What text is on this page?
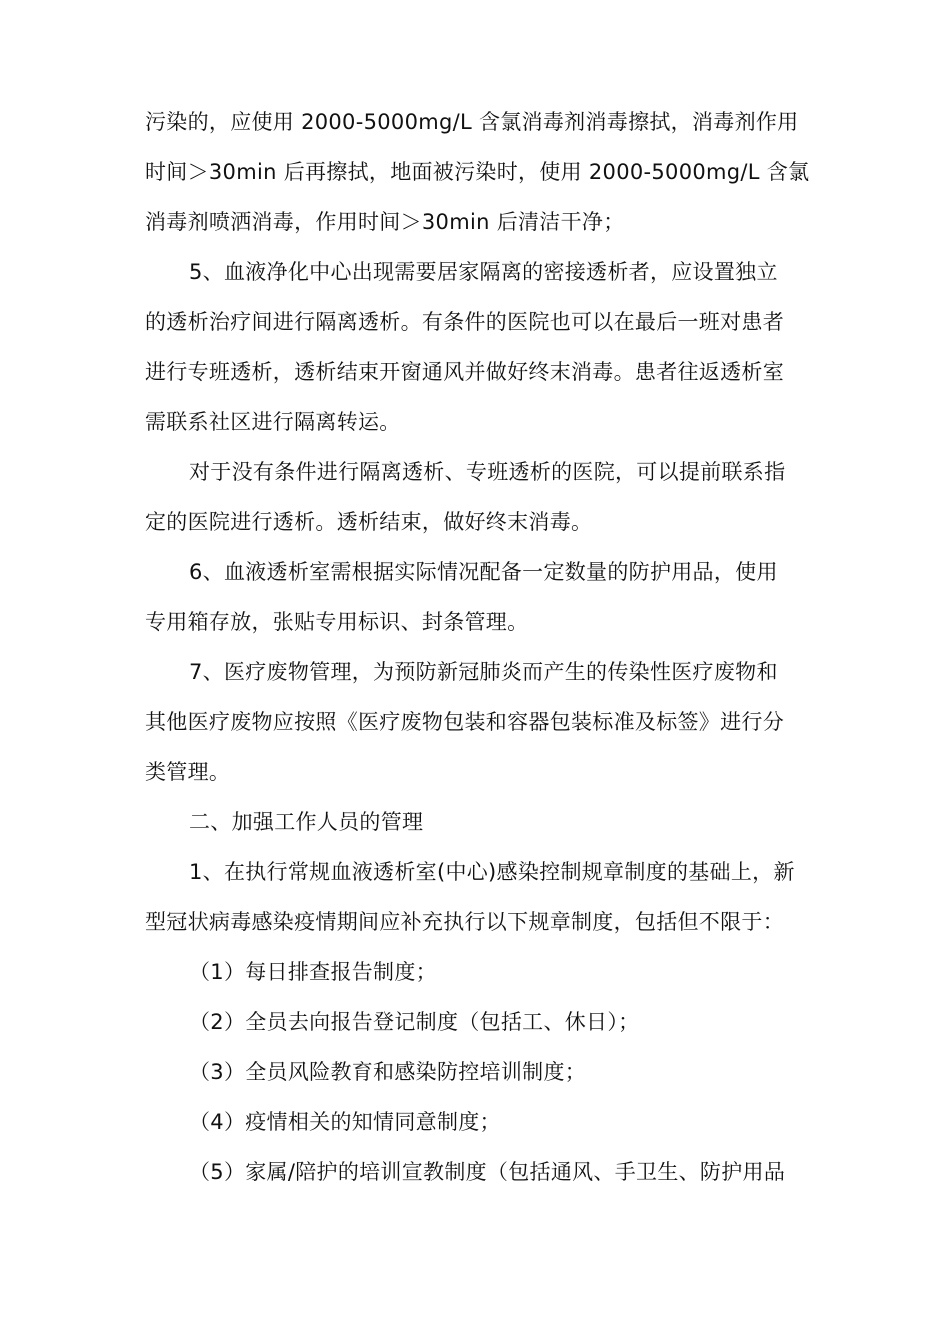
污染的，应使用 2000-5000mg/L 含氯消毒剂消毒擦拭，消毒剂作用
时间＞30min 后再擦拭，地面被污染时，使用 2000-5000mg/L 含氯
消毒剂喷洒消毒，作用时间＞30min 后清洁干净；
5、血液净化中心出现需要居家隔离的密接透析者，应设置独立
的透析治疗间进行隔离透析。有条件的医院也可以在最后一班对患者
进行专班透析，透析结束开窗通风并做好终末消毒。患者往返透析室
需联系社区进行隔离转运。
对于没有条件进行隔离透析、专班透析的医院，可以提前联系指
定的医院进行透析。透析结束，做好终末消毒。
6、血液透析室需根据实际情况配备一定数量的防护用品，使用
专用箱存放，张贴专用标识、封条管理。
7、医疗废物管理，为预防新冠肺炎而产生的传染性医疗废物和
其他医疗废物应按照《医疗废物包装和容器包装标准及标签》进行分
类管理。
二、加强工作人员的管理
1、在执行常规血液透析室(中心)感染控制规章制度的基础上，新
型冠状病毒感染疫情期间应补充执行以下规章制度，包括但不限于：
（1）每日排查报告制度；
（2）全员去向报告登记制度（包括工、休日）；
（3）全员风险教育和感染防控培训制度；
（4）疫情相关的知情同意制度；
（5）家属/陪护的培训宣教制度（包括通风、手卫生、防护用品
